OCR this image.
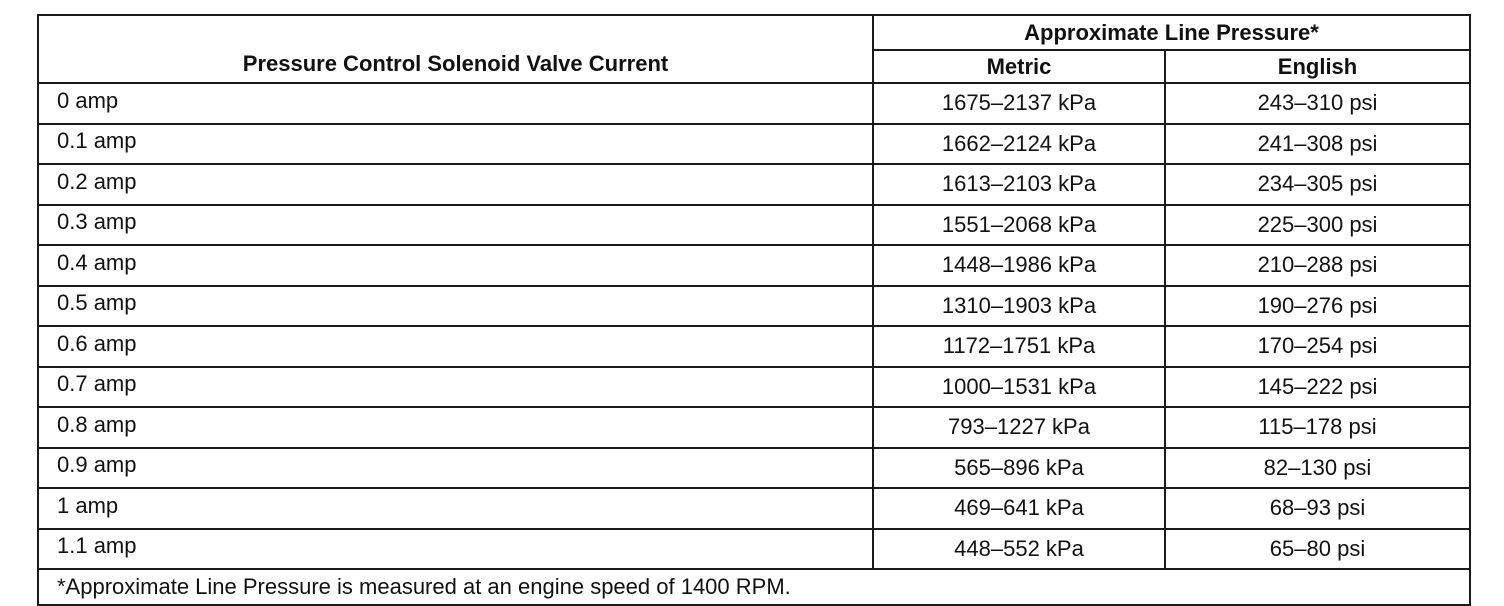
Pressure Control Solenoid Valve Current	Approximate Line Pressure*	
	Metric	English
0 amp	1675–2137 kPa	243–310 psi
0.1 amp	1662–2124 kPa	241–308 psi
0.2 amp	1613–2103 kPa	234–305 psi
0.3 amp	1551–2068 kPa	225–300 psi
0.4 amp	1448–1986 kPa	210–288 psi
0.5 amp	1310–1903 kPa	190–276 psi
0.6 amp	1172–1751 kPa	170–254 psi
0.7 amp	1000–1531 kPa	145–222 psi
0.8 amp	793–1227 kPa	115–178 psi
0.9 amp	565–896 kPa	82–130 psi
1 amp	469–641 kPa	68–93 psi
1.1 amp	448–552 kPa	65–80 psi
*Approximate Line Pressure is measured at an engine speed of 1400 RPM.		
